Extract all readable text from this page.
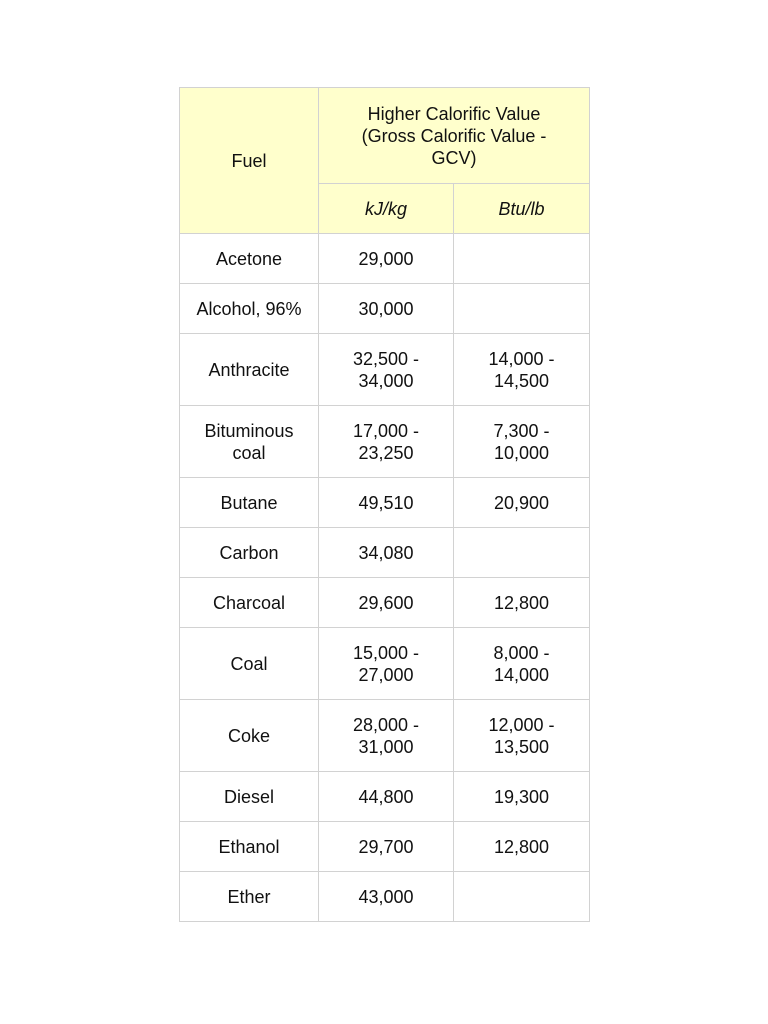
Fuel	Higher Calorific Value (Gross Calorific Value - GCV)	
	kJ/kg	Btu/lb
Acetone	29,000	
Alcohol, 96%	30,000	
Anthracite	32,500 - 34,000	14,000 - 14,500
Bituminous coal	17,000 - 23,250	7,300 - 10,000
Butane	49,510	20,900
Carbon	34,080	
Charcoal	29,600	12,800
Coal	15,000 - 27,000	8,000 - 14,000
Coke	28,000 - 31,000	12,000 - 13,500
Diesel	44,800	19,300
Ethanol	29,700	12,800
Ether	43,000	
